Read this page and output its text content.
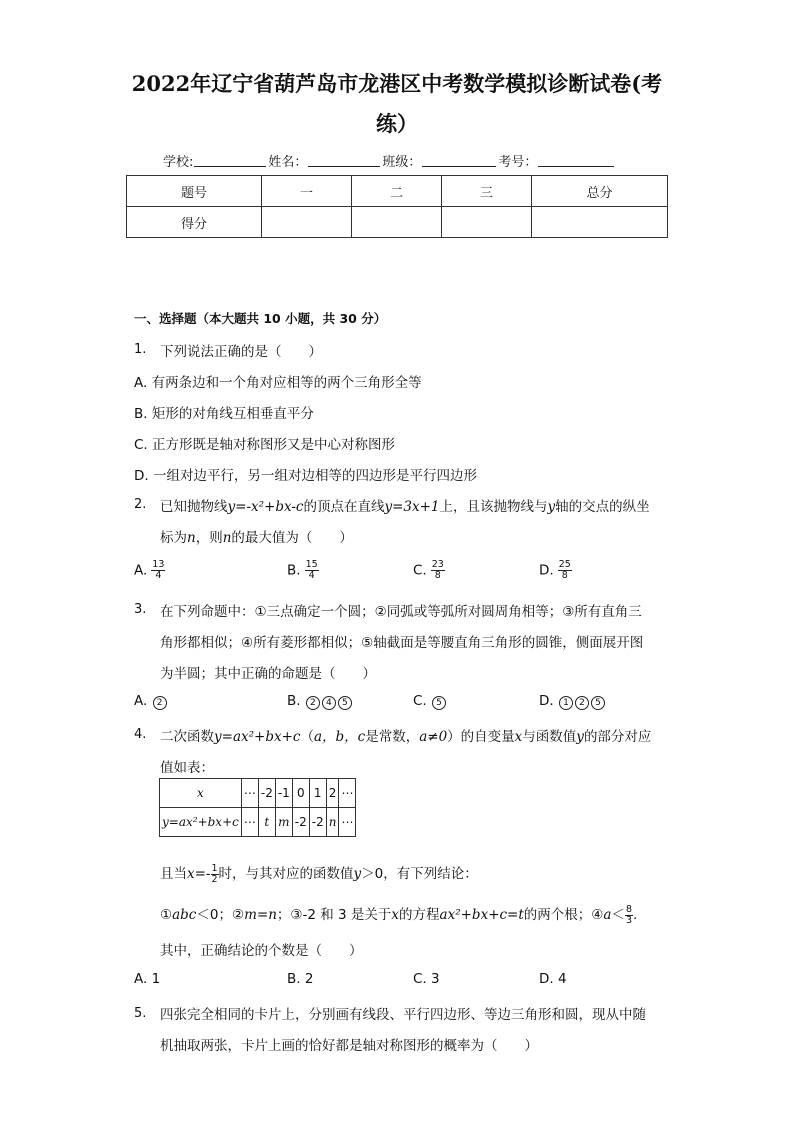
2022年辽宁省葫芦岛市龙港区中考数学模拟诊断试卷(考
练）
学校:	姓名：	班级：	考号：
题号	一	二	三	总分
得分				
一、选择题（本大题共 10 小题，共 30 分）
1. 下列说法正确的是（　　）
A. 有两条边和一个角对应相等的两个三角形全等
B. 矩形的对角线互相垂直平分
C. 正方形既是轴对称图形又是中心对称图形
D. 一组对边平行，另一组对边相等的四边形是平行四边形
2. 已知抛物线y=-x²+bx-c的顶点在直线y=3x+1上，且该抛物线与y轴的交点的纵坐
标为n，则n的最大值为（　　）
A. $\frac{13}{4}$	B. $\frac{15}{4}$	C. $\frac{23}{8}$	D. $\frac{25}{8}$
3. 在下列命题中：①三点确定一个圆；②同弧或等弧所对圆周角相等；③所有直角三
角形都相似；④所有菱形都相似；⑤轴截面是等腰直角三角形的圆锥，侧面展开图
为半圆；其中正确的命题是（　　）
A. 2	B. 2 4 5	C. 5	D. 1 2 5
4. 二次函数y=ax²+bx+c（a，b，c是常数，a≠0）的自变量x与函数值y的部分对应
值如表：
x	⋯	-2	-1	0	1	2	⋯
y=ax²+bx+c	⋯	t	m	-2	-2	n	⋯
且当$x=- \frac{1}{2}$ 时，与其对应的函数值y＞0，有下列结论：
①abc＜0；②m=n；③-2 和 3 是关于x的方程ax²+bx+c=t的两个根；④a＜ $\frac{8}{3}$ .
其中，正确结论的个数是（　　）
A. 1	B. 2	C. 3	D. 4
5. 四张完全相同的卡片上，分别画有线段、平行四边形、等边三角形和圆，现从中随
机抽取两张，卡片上画的恰好都是轴对称图形的概率为（　　）
